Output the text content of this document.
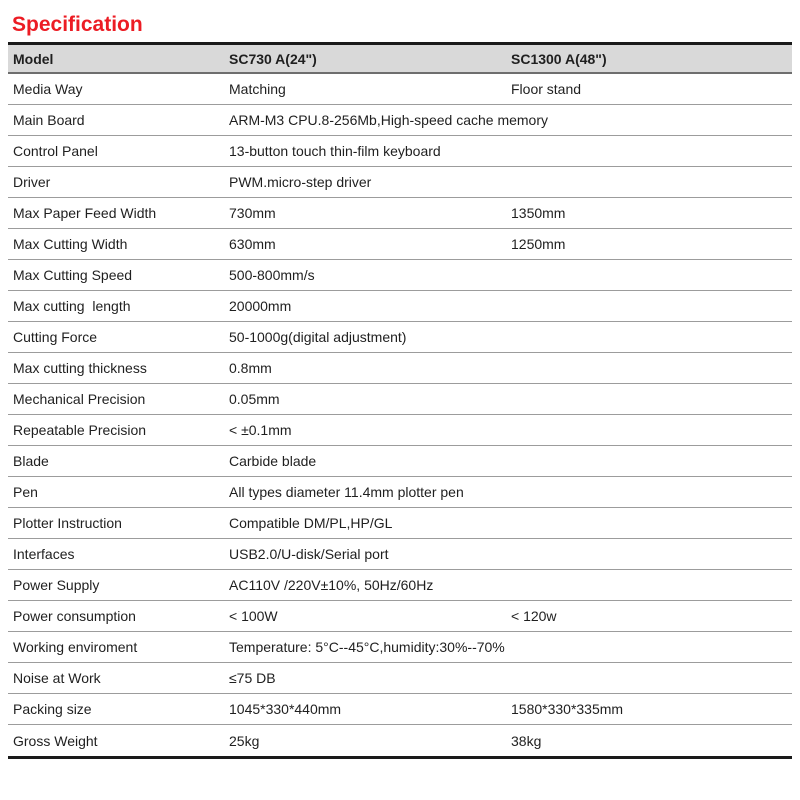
Specification
Model	SC730 A(24")	SC1300 A(48")
Media Way	Matching	Floor stand
Main Board	ARM-M3 CPU.8-256Mb,High-speed cache memory
Control Panel	13-button touch thin-film keyboard
Driver	PWM.micro-step driver
Max Paper Feed Width	730mm	1350mm
Max Cutting Width	630mm	1250mm
Max Cutting Speed	500-800mm/s
Max cutting  length	20000mm
Cutting Force	50-1000g(digital adjustment)
Max cutting thickness	0.8mm
Mechanical Precision	0.05mm
Repeatable Precision	< ±0.1mm
Blade	Carbide blade
Pen	All types diameter 11.4mm plotter pen
Plotter Instruction	Compatible DM/PL,HP/GL
Interfaces	USB2.0/U-disk/Serial port
Power Supply	AC110V /220V±10%, 50Hz/60Hz
Power consumption	< 100W	< 120w
Working enviroment	Temperature: 5°C--45°C,humidity:30%--70%
Noise at Work	≤75 DB
Packing size	1045*330*440mm	1580*330*335mm
Gross Weight	25kg	38kg
